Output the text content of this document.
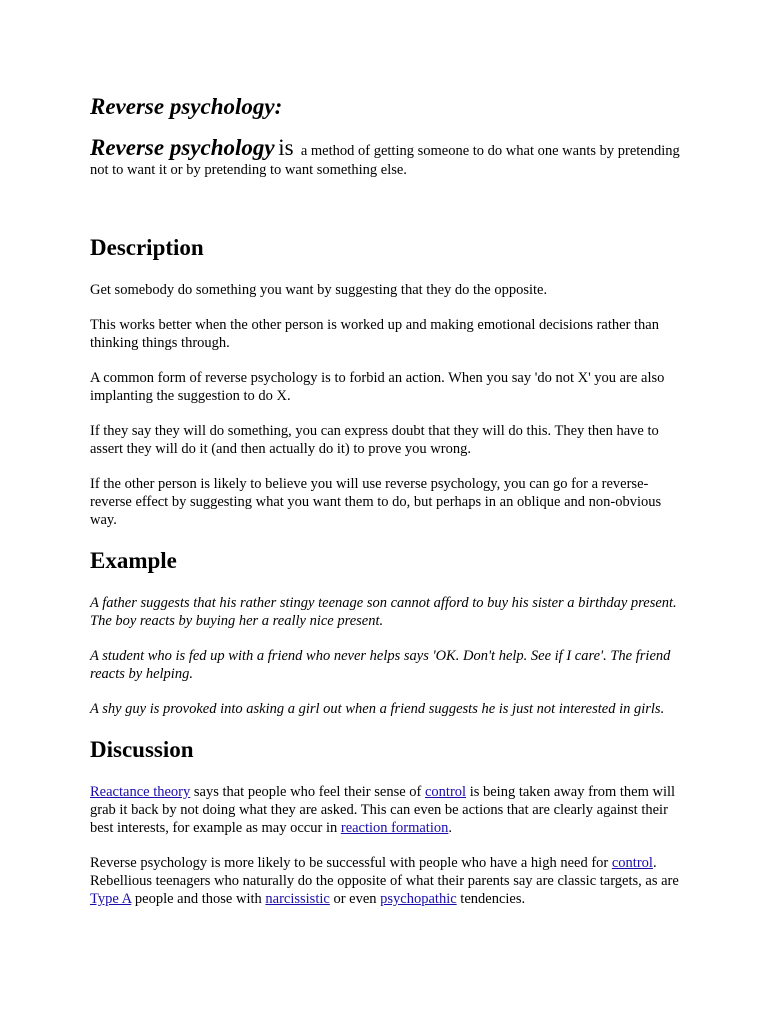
Reverse psychology:

Reverse psychology is a method of getting someone to do what one wants by pretending not to want it or by pretending to want something else.

Description

Get somebody do something you want by suggesting that they do the opposite.

This works better when the other person is worked up and making emotional decisions rather than thinking things through.

A common form of reverse psychology is to forbid an action. When you say 'do not X' you are also implanting the suggestion to do X.

If they say they will do something, you can express doubt that they will do this. They then have to assert they will do it (and then actually do it) to prove you wrong.

If the other person is likely to believe you will use reverse psychology, you can go for a reverse-reverse effect by suggesting what you want them to do, but perhaps in an oblique and non-obvious way.

Example

A father suggests that his rather stingy teenage son cannot afford to buy his sister a birthday present. The boy reacts by buying her a really nice present.

A student who is fed up with a friend who never helps says 'OK. Don't help. See if I care'. The friend reacts by helping.

A shy guy is provoked into asking a girl out when a friend suggests he is just not interested in girls.

Discussion

Reactance theory says that people who feel their sense of control is being taken away from them will grab it back by not doing what they are asked. This can even be actions that are clearly against their best interests, for example as may occur in reaction formation.

Reverse psychology is more likely to be successful with people who have a high need for control. Rebellious teenagers who naturally do the opposite of what their parents say are classic targets, as are Type A people and those with narcissistic or even psychopathic tendencies.
